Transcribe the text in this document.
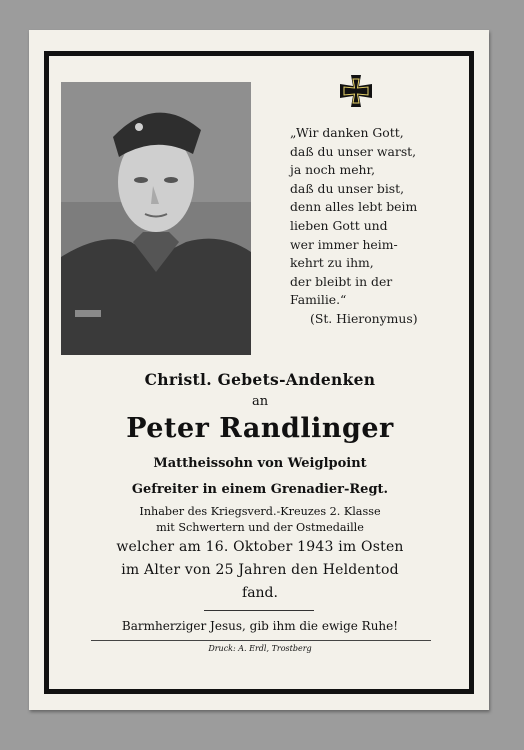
„Wir danken Gott,
daß du unser warst,
ja noch mehr,
daß du unser bist,
denn alles lebt beim
lieben Gott und
wer immer heim-
kehrt zu ihm,
der bleibt in der
Familie.“
(St. Hieronymus)
Christl. Gebets-Andenken
an
Peter Randlinger
Mattheissohn von Weiglpoint
Gefreiter in einem Grenadier-Regt.
Inhaber des Kriegsverd.-Kreuzes 2. Klasse
mit Schwertern und der Ostmedaille
welcher am 16. Oktober 1943 im Osten
im Alter von 25 Jahren den Heldentod
fand.
Barmherziger Jesus, gib ihm die ewige Ruhe!
Druck: A. Erdl, Trostberg
